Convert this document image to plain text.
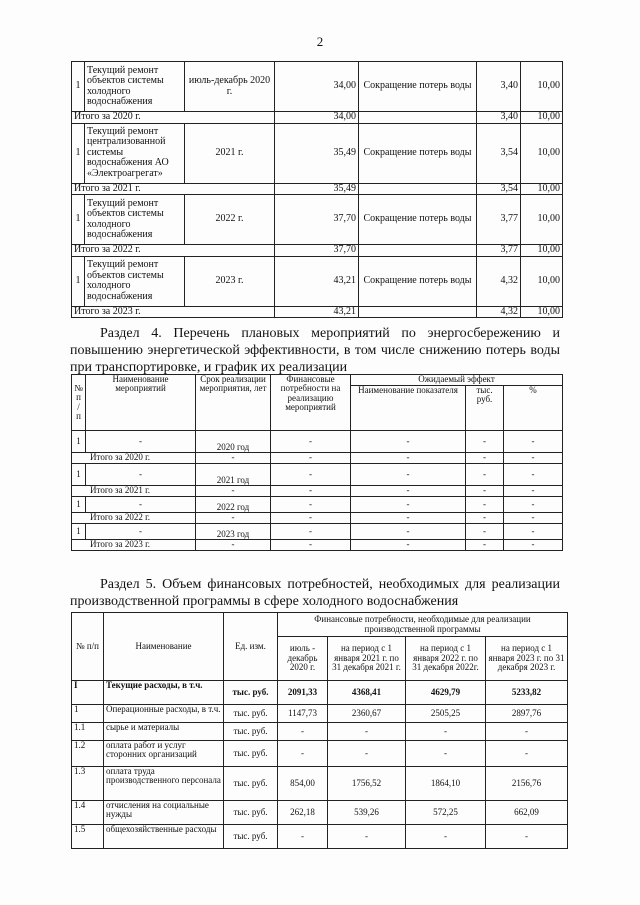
2
1	Текущий ремонт объектов системы холодного водоснабжения	июль-декабрь 2020 г.	34,00	Сокращение потерь воды	3,40	10,00
Итого за 2020 г.			34,00		3,40	10,00
1	Текущий ремонт централизованной системы водоснабжения АО «Электроагрегат»	2021 г.	35,49	Сокращение потерь воды	3,54	10,00
Итого за 2021 г.			35,49		3,54	10,00
1	Текущий ремонт объектов системы холодного водоснабжения	2022 г.	37,70	Сокращение потерь воды	3,77	10,00
Итого за 2022 г.			37,70		3,77	10,00
1	Текущий ремонт объектов системы холодного водоснабжения	2023 г.	43,21	Сокращение потерь воды	4,32	10,00
Итого за 2023 г.			43,21		4,32	10,00
Раздел 4. Перечень плановых мероприятий по энергосбережению и повышению энергетической эффективности, в том числе снижению потерь воды при транспортировке, и график их реализации
№ п / п	Наименование мероприятий	Срок реализации мероприятия, лет	Финансовые потребности на реализацию мероприятий	Ожидаемый эффект		
				Наименование показателя	тыс. руб.	%
1	-	2020 год	-	-	-	-
Итого за 2020 г.		-	-	-	-	-
1	-	2021 год	-	-	-	-
Итого за 2021 г.		-	-	-	-	-
1	-	2022 год	-	-	-	-
Итого за 2022 г.		-	-	-	-	-
1	-	2023 год	-	-	-	-
Итого за 2023 г.		-	-	-	-	-
Раздел 5. Объем финансовых потребностей, необходимых для реализации производственной программы в сфере холодного водоснабжения
№ п/п	Наименование	Ед. изм.	Финансовые потребности, необходимые для реализации производственной программы			
			июль - декабрь 2020 г.	на период с 1 января 2021 г. по 31 декабря 2021 г.	на период с 1 января 2022 г. по 31 декабря 2022г.	на период с 1 января 2023 г. по 31 декабря 2023 г.
I	Текущие расходы, в т.ч.	тыс. руб.	2091,33	4368,41	4629,79	5233,82
1	Операционные расходы, в т.ч.	тыс. руб.	1147,73	2360,67	2505,25	2897,76
1.1	сырье и материалы	тыс. руб.	-	-	-	-
1.2	оплата работ и услуг сторонних организаций	тыс. руб.	-	-	-	-
1.3	оплата труда производственного персонала	тыс. руб.	854,00	1756,52	1864,10	2156,76
1.4	отчисления на социальные нужды	тыс. руб.	262,18	539,26	572,25	662,09
1.5	общехозяйственные расходы	тыс. руб.	-	-	-	-
